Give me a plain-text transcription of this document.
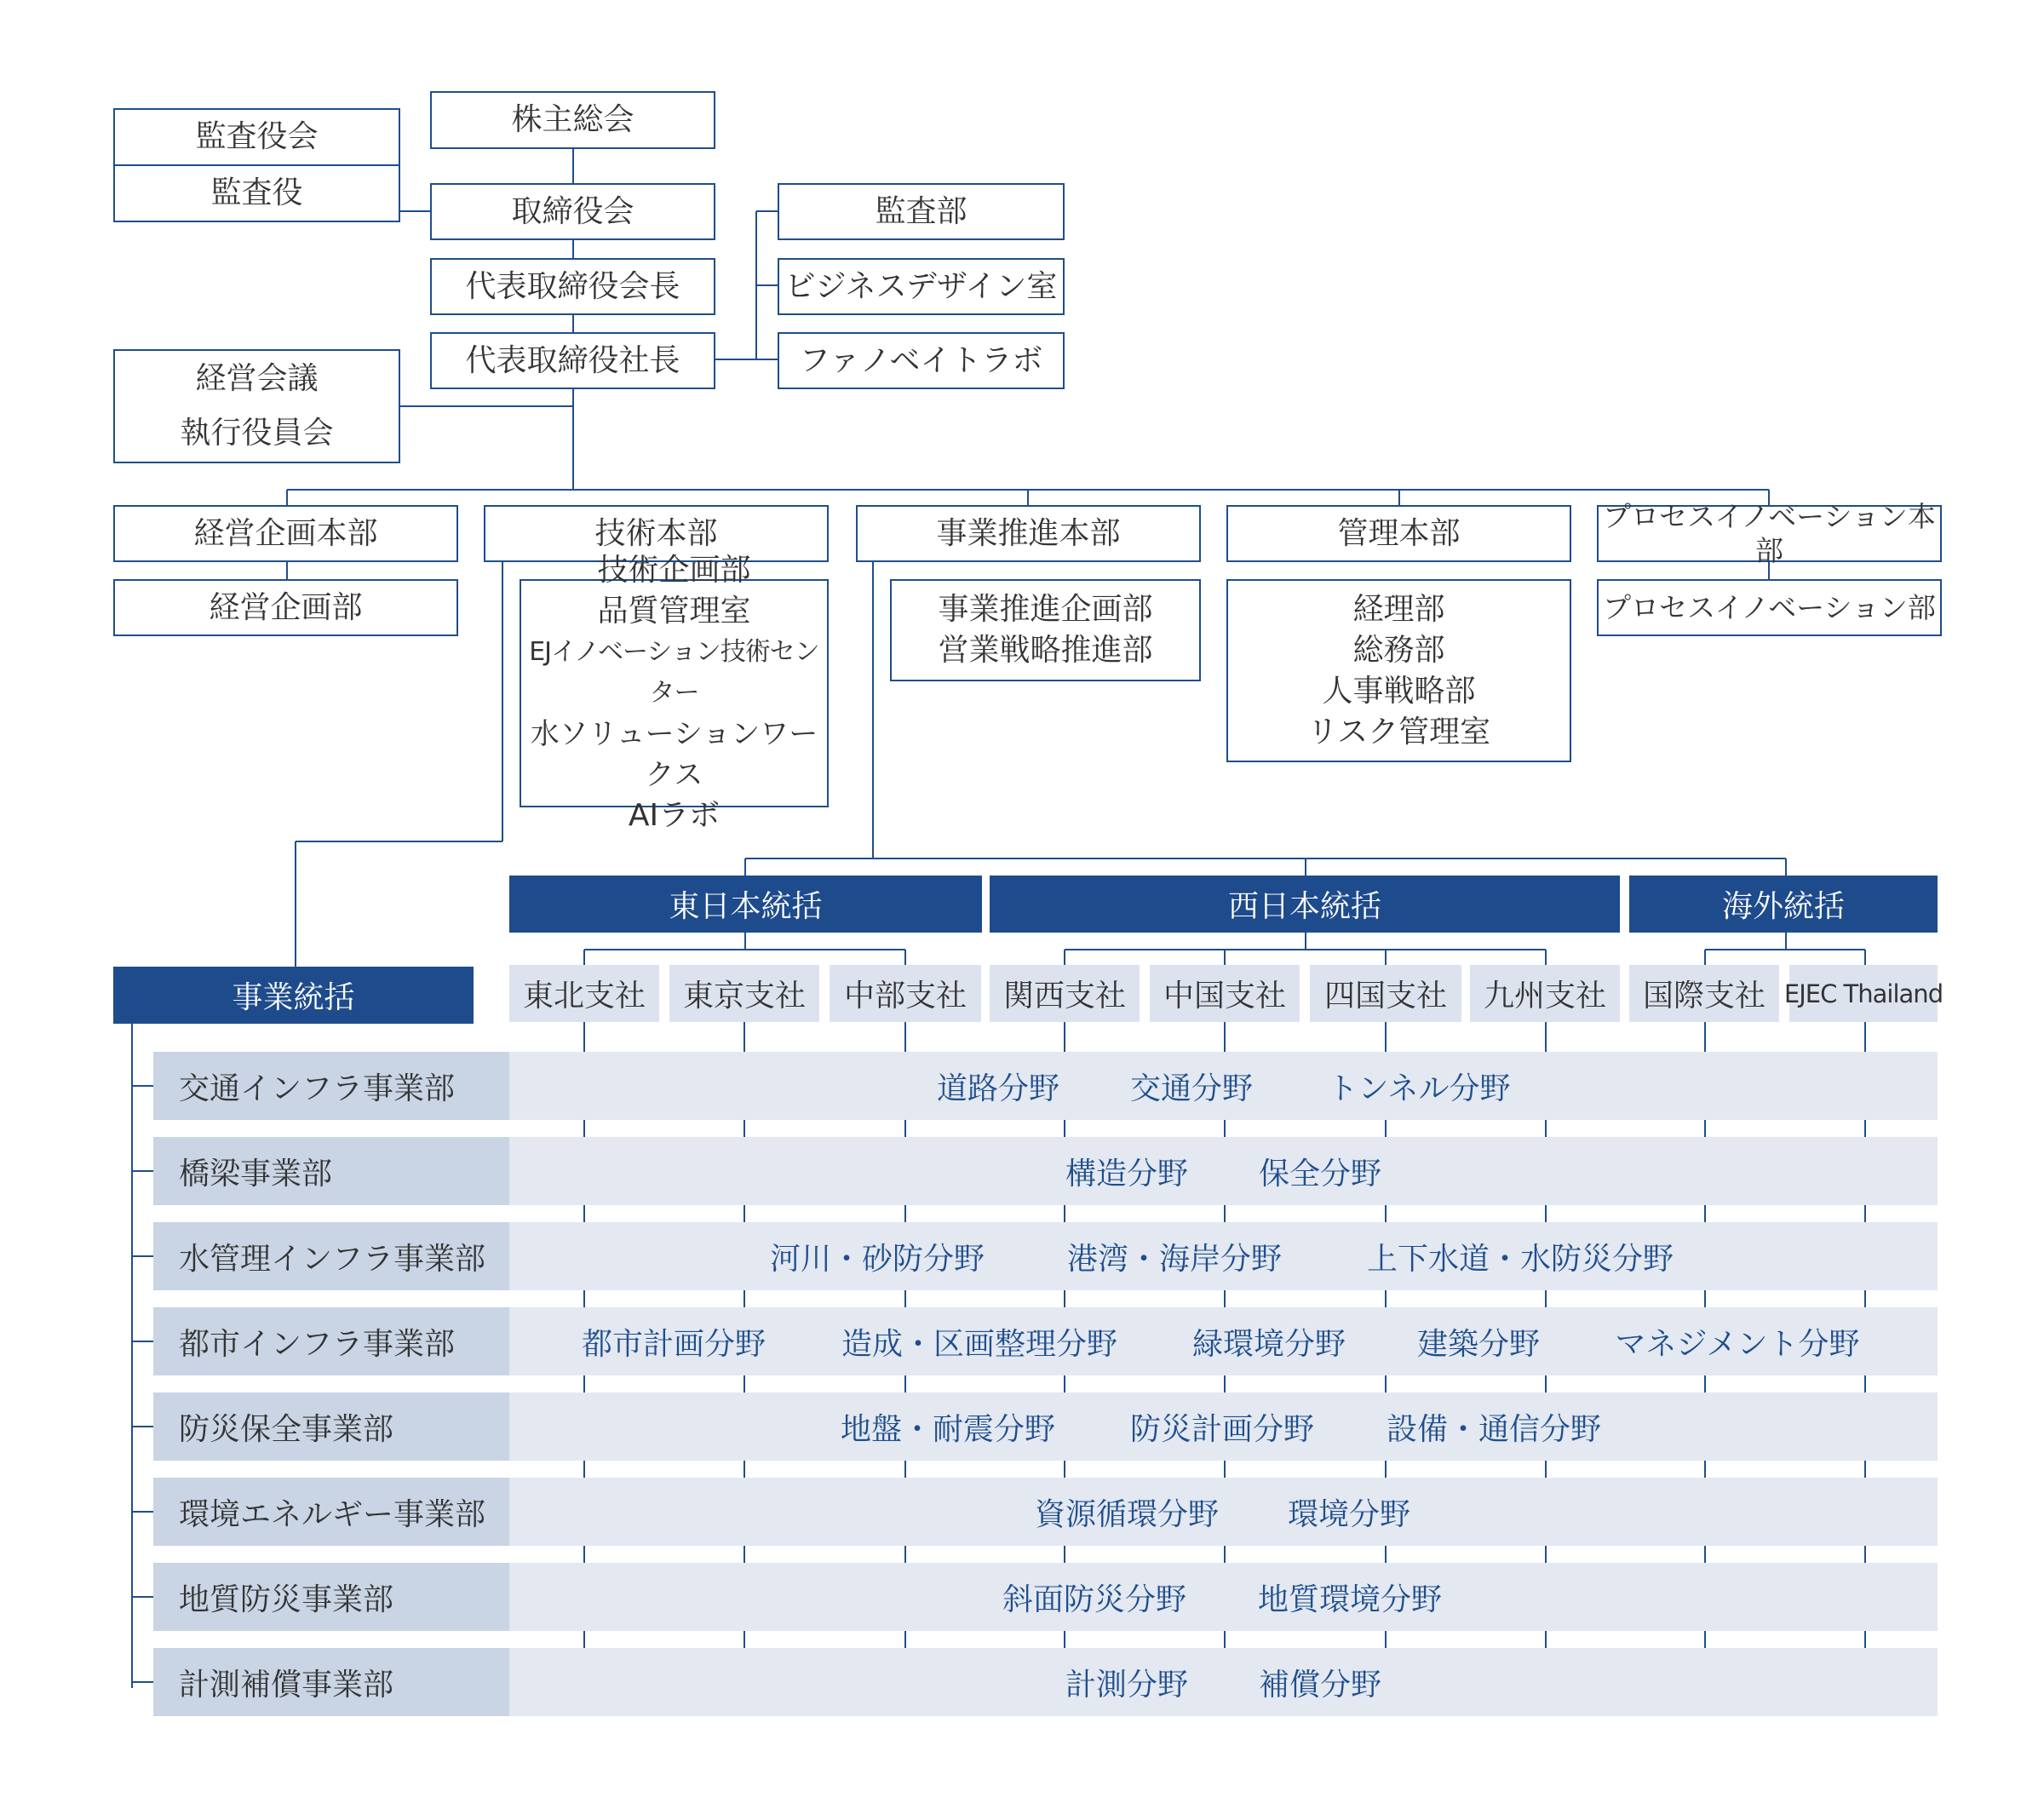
監査役会
監査役
株主総会
取締役会
代表取締役会長
代表取締役社長
監査部
ビジネスデザイン室
ファノベイトラボ
経営会議
執行役員会
経営企画本部
経営企画部
技術本部
技術企画部
品質管理室
EJイノベーション技術センター
水ソリューションワークス
AIラボ
事業推進本部
事業推進企画部
営業戦略推進部
管理本部
経理部
総務部
人事戦略部
リスク管理室
プロセスイノベーション本部
プロセスイノベーション部
東日本統括	西日本統括	海外統括
事業統括	東北支社 東京支社 中部支社 関西支社 中国支社 四国支社 九州支社 国際支社 EJEC Thailand
交通インフラ事業部	道路分野 交通分野 トンネル分野
橋梁事業部	構造分野 保全分野
水管理インフラ事業部	河川・砂防分野	港湾・海岸分野	上下水道・水防災分野
都市インフラ事業部	都市計画分野 造成・区画整理分野 緑環境分野 建築分野 マネジメント分野
防災保全事業部	地盤・耐震分野 防災計画分野 設備・通信分野
環境エネルギー事業部	資源循環分野 環境分野
地質防災事業部	斜面防災分野 地質環境分野
計測補償事業部	計測分野 補償分野
